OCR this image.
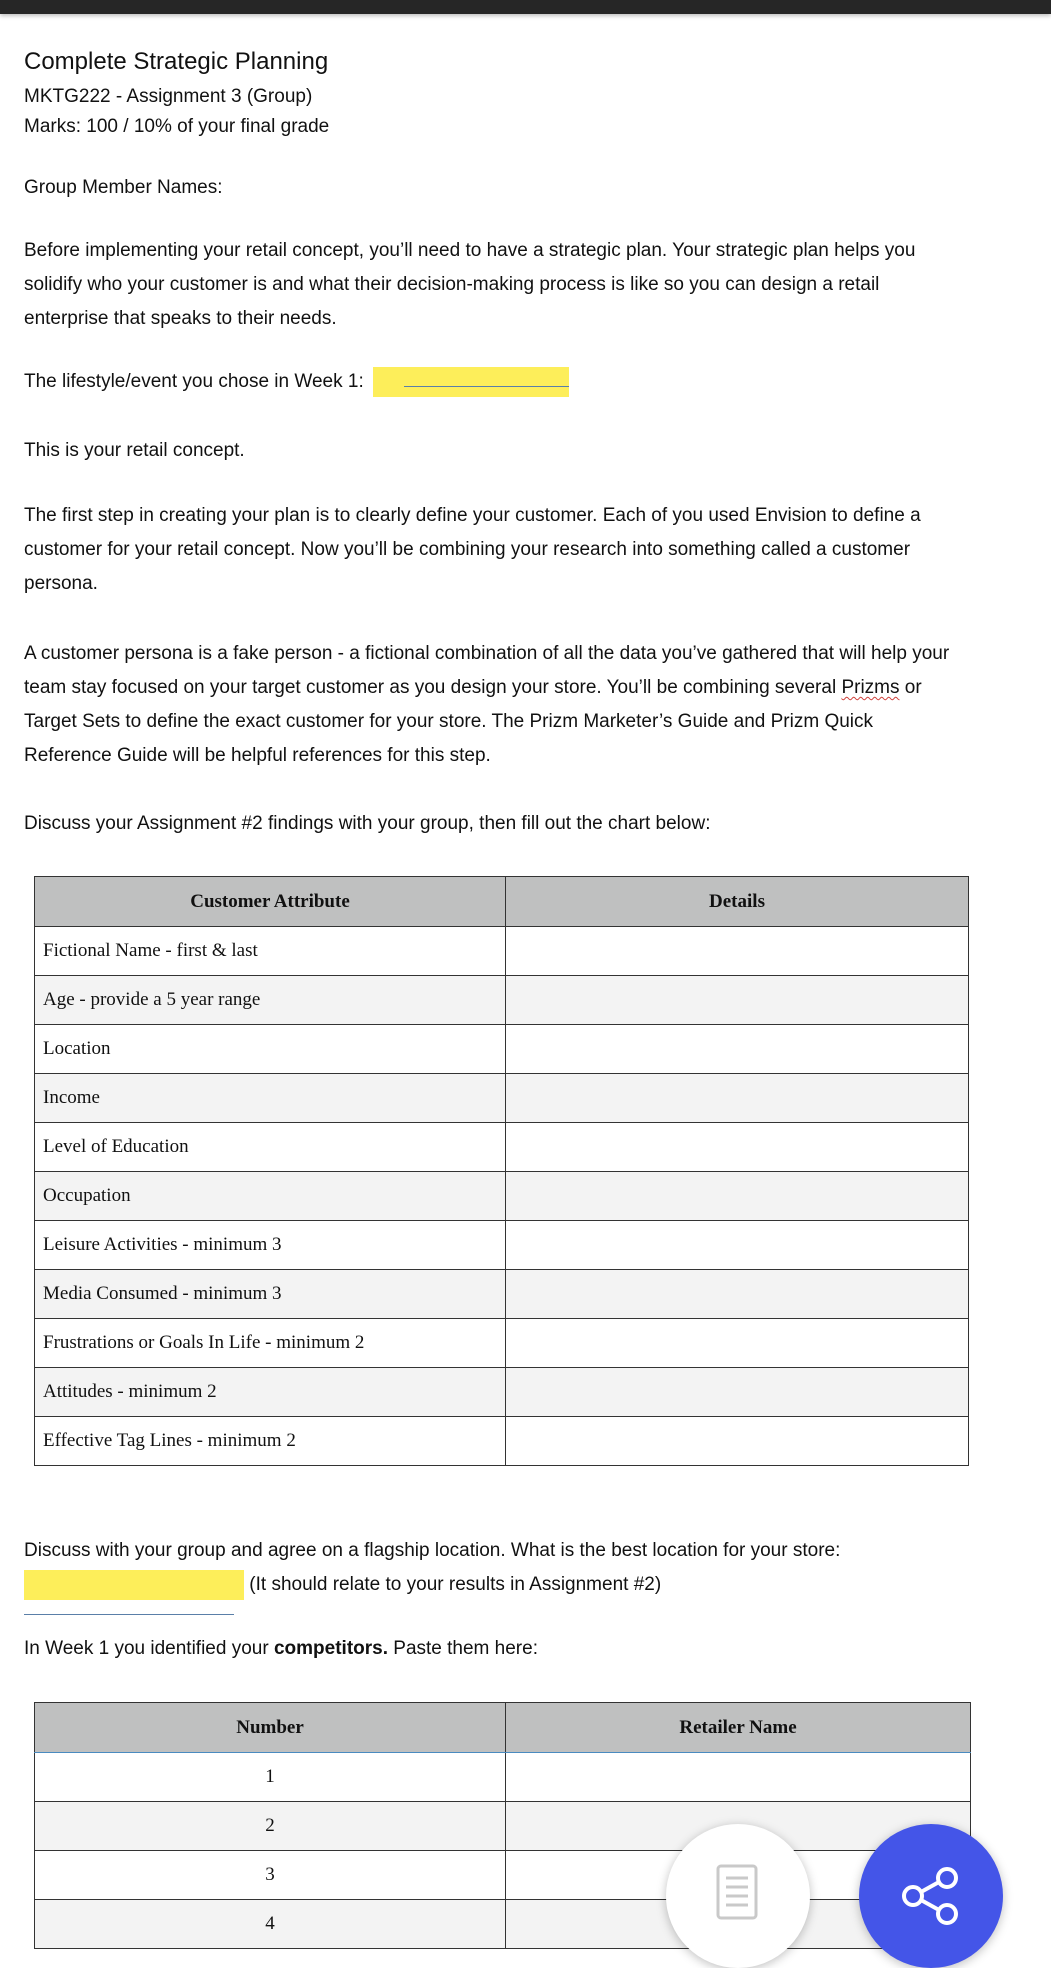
Complete Strategic Planning
MKTG222 - Assignment 3 (Group)
Marks: 100 / 10% of your final grade
Group Member Names:
Before implementing your retail concept, you’ll need to have a strategic plan. Your strategic plan helps you solidify who your customer is and what their decision-making process is like so you can design a retail enterprise that speaks to their needs.
The lifestyle/event you chose in Week 1:
This is your retail concept.
The first step in creating your plan is to clearly define your customer. Each of you used Envision to define a customer for your retail concept. Now you’ll be combining your research into something called a customer persona.
A customer persona is a fake person - a fictional combination of all the data you’ve gathered that will help your team stay focused on your target customer as you design your store. You’ll be combining several Prizms or Target Sets to define the exact customer for your store. The Prizm Marketer’s Guide and Prizm Quick Reference Guide will be helpful references for this step.
Discuss your Assignment #2 findings with your group, then fill out the chart below:
Discuss with your group and agree on a flagship location. What is the best location for your store:
(It should relate to your results in Assignment #2)
In Week 1 you identified your competitors. Paste them here:
Customer Attribute	Details
Fictional Name - first & last	
Age - provide a 5 year range	
Location	
Income	
Level of Education	
Occupation	
Leisure Activities - minimum 3	
Media Consumed - minimum 3	
Frustrations or Goals In Life - minimum 2	
Attitudes - minimum 2	
Effective Tag Lines - minimum 2	
Number	Retailer Name
1	
2	
3	
4	
